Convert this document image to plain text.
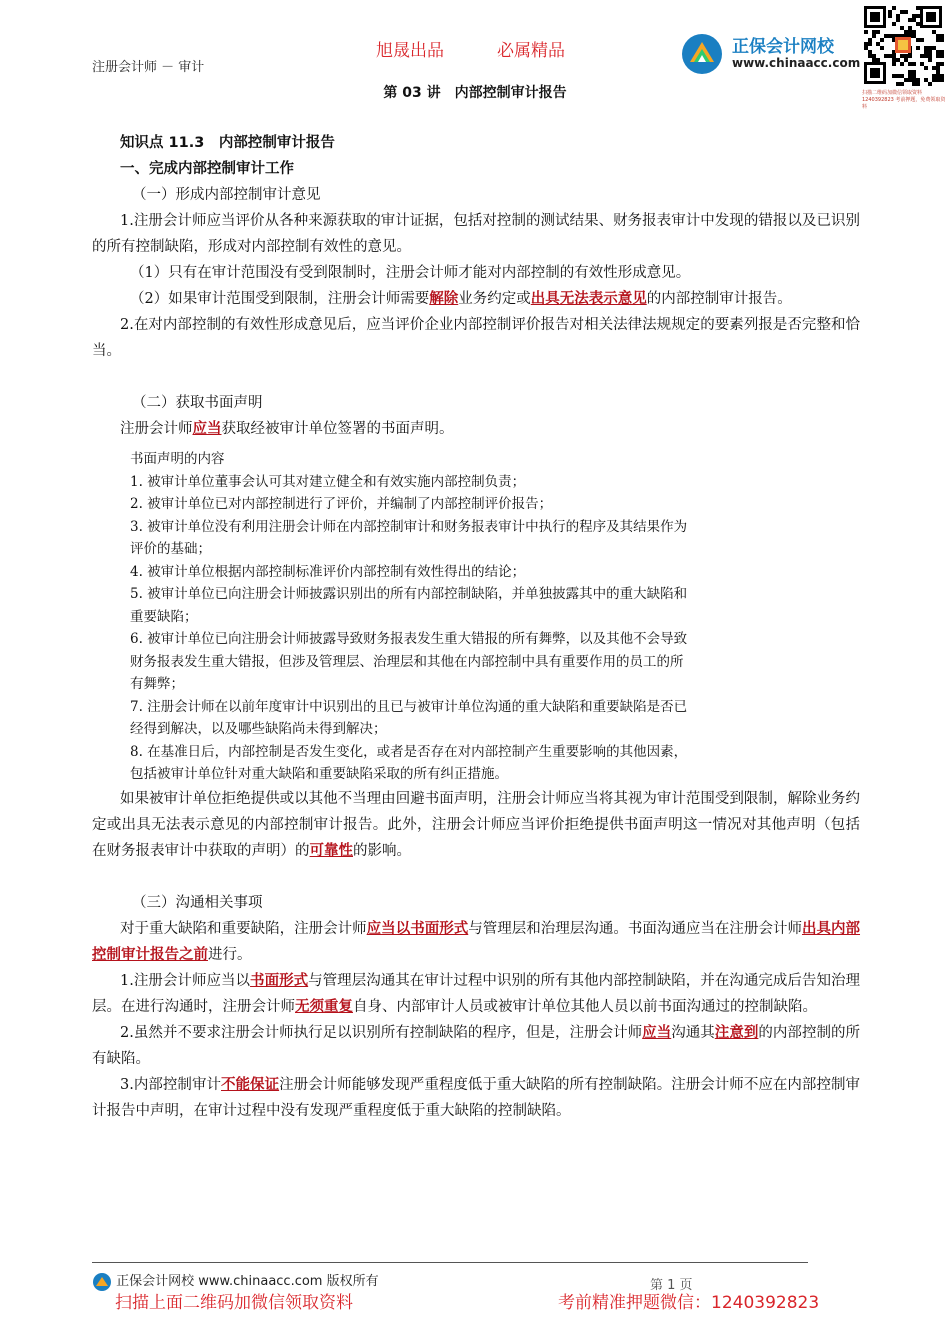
注册会计师 － 审计
旭晟出品	必属精品
第 03 讲　内部控制审计报告
正保会计网校
www.chinaacc.com
扫描二维码加微信领取资料 1240392823 考前押题，免费领取资料

知识点 11.3　内部控制审计报告

一、完成内部控制审计工作

（一）形成内部控制审计意见

1.注册会计师应当评价从各种来源获取的审计证据，包括对控制的测试结果、财务报表审计中发现的错报以及已识别的所有控制缺陷，形成对内部控制有效性的意见。

（1）只有在审计范围没有受到限制时，注册会计师才能对内部控制的有效性形成意见。

（2）如果审计范围受到限制，注册会计师需要解除业务约定或出具无法表示意见的内部控制审计报告。

2.在对内部控制的有效性形成意见后，应当评价企业内部控制评价报告对相关法律法规规定的要素列报是否完整和恰当。

（二）获取书面声明

注册会计师应当获取经被审计单位签署的书面声明。

书面声明的内容
1. 被审计单位董事会认可其对建立健全和有效实施内部控制负责；
2. 被审计单位已对内部控制进行了评价，并编制了内部控制评价报告；
3. 被审计单位没有利用注册会计师在内部控制审计和财务报表审计中执行的程序及其结果作为
评价的基础；
4. 被审计单位根据内部控制标准评价内部控制有效性得出的结论；
5. 被审计单位已向注册会计师披露识别出的所有内部控制缺陷，并单独披露其中的重大缺陷和
重要缺陷；
6. 被审计单位已向注册会计师披露导致财务报表发生重大错报的所有舞弊，以及其他不会导致
财务报表发生重大错报，但涉及管理层、治理层和其他在内部控制中具有重要作用的员工的所
有舞弊；
7. 注册会计师在以前年度审计中识别出的且已与被审计单位沟通的重大缺陷和重要缺陷是否已
经得到解决，以及哪些缺陷尚未得到解决；
8. 在基准日后，内部控制是否发生变化，或者是否存在对内部控制产生重要影响的其他因素，
包括被审计单位针对重大缺陷和重要缺陷采取的所有纠正措施。

如果被审计单位拒绝提供或以其他不当理由回避书面声明，注册会计师应当将其视为审计范围受到限制，解除业务约定或出具无法表示意见的内部控制审计报告。此外，注册会计师应当评价拒绝提供书面声明这一情况对其他声明（包括在财务报表审计中获取的声明）的可靠性的影响。

（三）沟通相关事项

对于重大缺陷和重要缺陷，注册会计师应当以书面形式与管理层和治理层沟通。书面沟通应当在注册会计师出具内部控制审计报告之前进行。

1.注册会计师应当以书面形式与管理层沟通其在审计过程中识别的所有其他内部控制缺陷，并在沟通完成后告知治理层。在进行沟通时，注册会计师无须重复自身、内部审计人员或被审计单位其他人员以前书面沟通过的控制缺陷。

2.虽然并不要求注册会计师执行足以识别所有控制缺陷的程序，但是，注册会计师应当沟通其注意到的内部控制的所有缺陷。

3.内部控制审计不能保证注册会计师能够发现严重程度低于重大缺陷的所有控制缺陷。注册会计师不应在内部控制审计报告中声明，在审计过程中没有发现严重程度低于重大缺陷的控制缺陷。

正保会计网校 www.chinaacc.com 版权所有	第 1 页
扫描上面二维码加微信领取资料	考前精准押题微信：1240392823
